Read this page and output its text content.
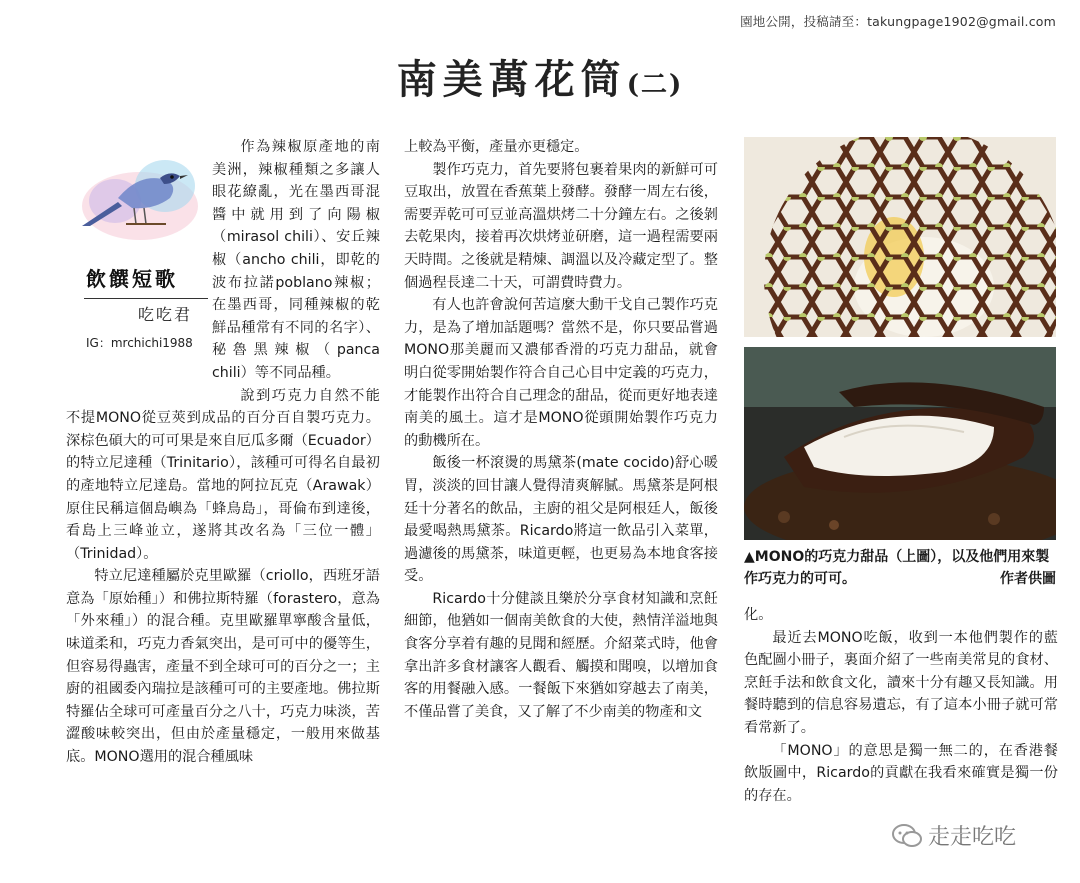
園地公開，投稿請至：takungpage1902@gmail.com
南美萬花筒(二)
飲饌短歌
吃吃君
IG：mrchichi1988

作為辣椒原產地的南美洲，辣椒種類之多讓人眼花繚亂，光在墨西哥混醬中就用到了向陽椒（mirasol chili）、安丘辣椒（ancho chili，即乾的波布拉諾poblano辣椒；在墨西哥，同種辣椒的乾鮮品種常有不同的名字）、秘魯黑辣椒（panca chili）等不同品種。

說到巧克力自然不能不提MONO從豆莢到成品的百分百自製巧克力。深棕色碩大的可可果是來自厄瓜多爾（Ecuador）的特立尼達種（Trinitario），該種可可得名自最初的產地特立尼達島。當地的阿拉瓦克（Arawak）原住民稱這個島嶼為「蜂鳥島」，哥倫布到達後，看島上三峰並立，遂將其改名為「三位一體」（Trinidad）。

特立尼達種屬於克里歐羅（criollo，西班牙語意為「原始種」）和佛拉斯特羅（forastero，意為「外來種」）的混合種。克里歐羅單寧酸含量低，味道柔和，巧克力香氣突出，是可可中的優等生，但容易得蟲害，產量不到全球可可的百分之一；主廚的祖國委內瑞拉是該種可可的主要產地。佛拉斯特羅佔全球可可產量百分之八十，巧克力味淡，苦澀酸味較突出，但由於產量穩定，一般用來做基底。MONO選用的混合種風味

上較為平衡，產量亦更穩定。

製作巧克力，首先要將包裹着果肉的新鮮可可豆取出，放置在香蕉葉上發酵。發酵一周左右後，需要弄乾可可豆並高溫烘烤二十分鐘左右。之後剝去乾果肉，接着再次烘烤並研磨，這一過程需要兩天時間。之後就是精煉、調溫以及冷藏定型了。整個過程長達二十天，可謂費時費力。

有人也許會說何苦這麼大動干戈自己製作巧克力，是為了增加話題嗎？當然不是，你只要品嘗過MONO那美麗而又濃郁香滑的巧克力甜品，就會明白從零開始製作符合自己心目中定義的巧克力，才能製作出符合自己理念的甜品，從而更好地表達南美的風土。這才是MONO從頭開始製作巧克力的動機所在。

飯後一杯滾燙的馬黛茶(mate cocido)舒心暖胃，淡淡的回甘讓人覺得清爽解膩。馬黛茶是阿根廷十分著名的飲品，主廚的祖父是阿根廷人，飯後最愛喝熱馬黛茶。Ricardo將這一飲品引入菜單，過濾後的馬黛茶，味道更輕，也更易為本地食客接受。

Ricardo十分健談且樂於分享食材知識和烹飪細節，他猶如一個南美飲食的大使，熱情洋溢地與食客分享着有趣的見聞和經歷。介紹菜式時，他會拿出許多食材讓客人觀看、觸摸和聞嗅，以增加食客的用餐融入感。一餐飯下來猶如穿越去了南美，不僅品嘗了美食，又了解了不少南美的物產和文

▲MONO的巧克力甜品（上圖），以及他們用來製作巧克力的可可。	作者供圖

化。

最近去MONO吃飯，收到一本他們製作的藍色配圖小冊子，裏面介紹了一些南美常見的食材、烹飪手法和飲食文化，讀來十分有趣又長知識。用餐時聽到的信息容易遺忘，有了這本小冊子就可常看常新了。

「MONO」的意思是獨一無二的，在香港餐飲版圖中，Ricardo的貢獻在我看來確實是獨一份的存在。

走走吃吃
